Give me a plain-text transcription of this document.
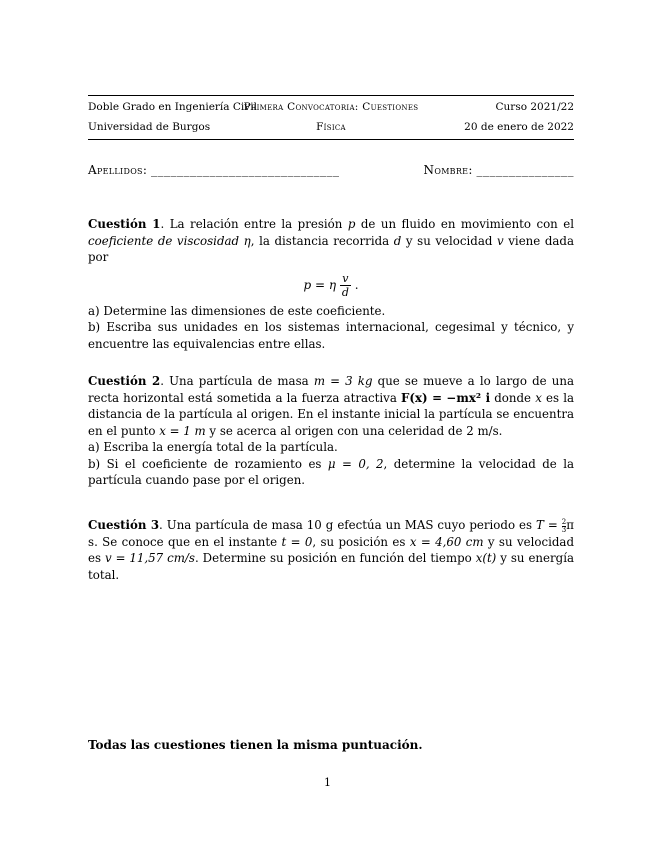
Doble Grado en Ingeniería Civil
Primera Convocatoria: Cuestiones	Curso 2021/22
Universidad de Burgos	Física	20 de enero de 2022
Apellidos: _____________________________	Nombre: _______________

Cuestión 1. La relación entre la presión p de un fluido en movimiento con el coeficiente de viscosidad η, la distancia recorrida d y su velocidad v viene dada por

p = η $\frac{v}{d}$ .

a) Determine las dimensiones de este coeficiente.

b) Escriba sus unidades en los sistemas internacional, cegesimal y técnico, y encuentre las equivalencias entre ellas.

Cuestión 2. Una partícula de masa m = 3 kg que se mueve a lo largo de una recta horizontal está sometida a la fuerza atractiva F(x) = −mx² i donde x es la distancia de la partícula al origen. En el instante inicial la partícula se encuentra en el punto x = 1 m y se acerca al origen con una celeridad de 2 m/s.

a) Escriba la energía total de la partícula.

b) Si el coeficiente de rozamiento es μ = 0, 2, determine la velocidad de la partícula cuando pase por el origen.

Cuestión 3. Una partícula de masa 10 g efectúa un MAS cuyo periodo es $T = \frac{2}{3}$ π s. Se conoce que en el instante t = 0, su posición es x = 4,60 cm y su velocidad es v = 11,57 cm/s. Determine su posición en función del tiempo x(t) y su energía total.

Todas las cuestiones tienen la misma puntuación.
1
